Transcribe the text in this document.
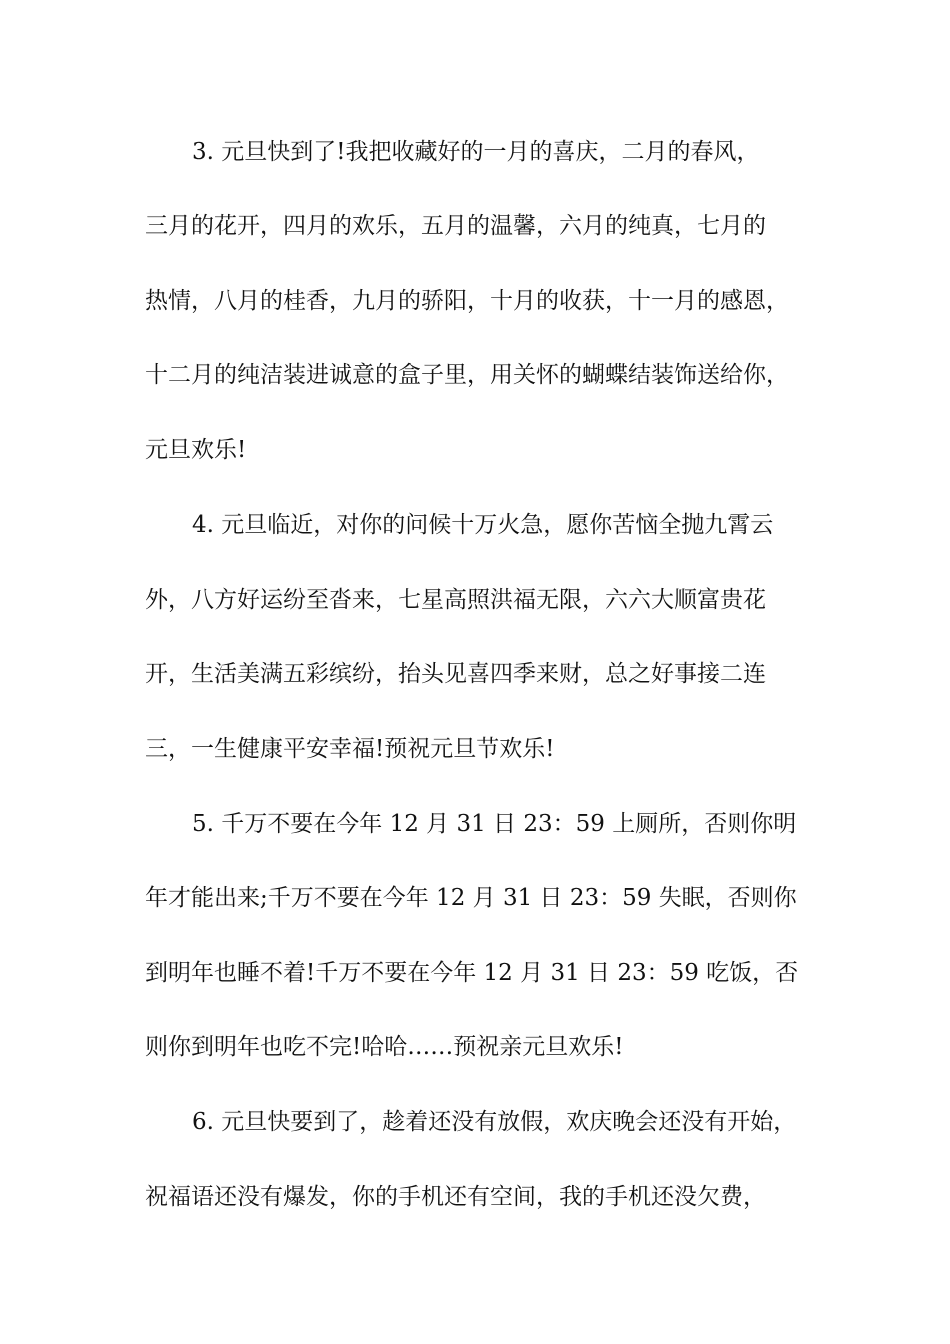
3. 元旦快到了!我把收藏好的一月的喜庆，二月的春风，
三月的花开，四月的欢乐，五月的温馨，六月的纯真，七月的
热情，八月的桂香，九月的骄阳，十月的收获，十一月的感恩，
十二月的纯洁装进诚意的盒子里，用关怀的蝴蝶结装饰送给你，
元旦欢乐!
4. 元旦临近，对你的问候十万火急，愿你苦恼全抛九霄云
外，八方好运纷至沓来，七星高照洪福无限，六六大顺富贵花
开，生活美满五彩缤纷，抬头见喜四季来财，总之好事接二连
三，一生健康平安幸福!预祝元旦节欢乐!
5. 千万不要在今年 12 月 31 日 23：59 上厕所，否则你明
年才能出来;千万不要在今年 12 月 31 日 23：59 失眠，否则你
到明年也睡不着!千万不要在今年 12 月 31 日 23：59 吃饭，否
则你到明年也吃不完!哈哈……预祝亲元旦欢乐!
6. 元旦快要到了，趁着还没有放假，欢庆晚会还没有开始，
祝福语还没有爆发，你的手机还有空间，我的手机还没欠费，
